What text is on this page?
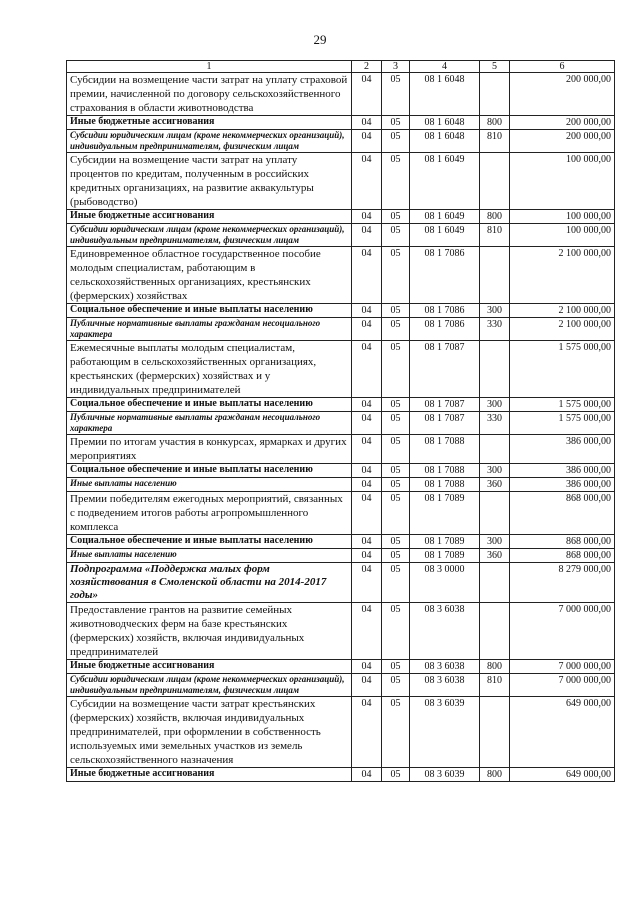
29
1	2	3	4	5	6
Субсидии на возмещение части затрат на уплату страховой премии, начисленной по договору сельскохозяйственного страхования в области животноводства	04	05	08 1 6048		200 000,00
Иные бюджетные ассигнования	04	05	08 1 6048	800	200 000,00
Субсидии юридическим лицам (кроме некоммерческих организаций), индивидуальным предпринимателям, физическим лицам	04	05	08 1 6048	810	200 000,00
Субсидии на возмещение части затрат на уплату процентов по кредитам, полученным в российских кредитных организациях, на развитие аквакультуры (рыбоводство)	04	05	08 1 6049		100 000,00
Иные бюджетные ассигнования	04	05	08 1 6049	800	100 000,00
Субсидии юридическим лицам (кроме некоммерческих организаций), индивидуальным предпринимателям, физическим лицам	04	05	08 1 6049	810	100 000,00
Единовременное областное государственное пособие молодым специалистам, работающим в сельскохозяйственных организациях, крестьянских (фермерских) хозяйствах	04	05	08 1 7086		2 100 000,00
Социальное обеспечение и иные выплаты населению	04	05	08 1 7086	300	2 100 000,00
Публичные нормативные выплаты гражданам несоциального характера	04	05	08 1 7086	330	2 100 000,00
Ежемесячные выплаты молодым специалистам, работающим в сельскохозяйственных организациях, крестьянских (фермерских) хозяйствах и у индивидуальных предпринимателей	04	05	08 1 7087		1 575 000,00
Социальное обеспечение и иные выплаты населению	04	05	08 1 7087	300	1 575 000,00
Публичные нормативные выплаты гражданам несоциального характера	04	05	08 1 7087	330	1 575 000,00
Премии по итогам участия в конкурсах, ярмарках и других мероприятиях	04	05	08 1 7088		386 000,00
Социальное обеспечение и иные выплаты населению	04	05	08 1 7088	300	386 000,00
Иные выплаты населению	04	05	08 1 7088	360	386 000,00
Премии победителям ежегодных мероприятий, связанных с подведением итогов работы агропромышленного комплекса	04	05	08 1 7089		868 000,00
Социальное обеспечение и иные выплаты населению	04	05	08 1 7089	300	868 000,00
Иные выплаты населению	04	05	08 1 7089	360	868 000,00
Подпрограмма «Поддержка малых форм хозяйствования в Смоленской области на 2014-2017 годы»	04	05	08 3 0000		8 279 000,00
Предоставление грантов на развитие семейных животноводческих ферм на базе крестьянских (фермерских) хозяйств, включая индивидуальных предпринимателей	04	05	08 3 6038		7 000 000,00
Иные бюджетные ассигнования	04	05	08 3 6038	800	7 000 000,00
Субсидии юридическим лицам (кроме некоммерческих организаций), индивидуальным предпринимателям, физическим лицам	04	05	08 3 6038	810	7 000 000,00
Субсидии на возмещение части затрат крестьянских (фермерских) хозяйств, включая индивидуальных предпринимателей, при оформлении в собственность используемых ими земельных участков из земель сельскохозяйственного назначения	04	05	08 3 6039		649 000,00
Иные бюджетные ассигнования	04	05	08 3 6039	800	649 000,00
